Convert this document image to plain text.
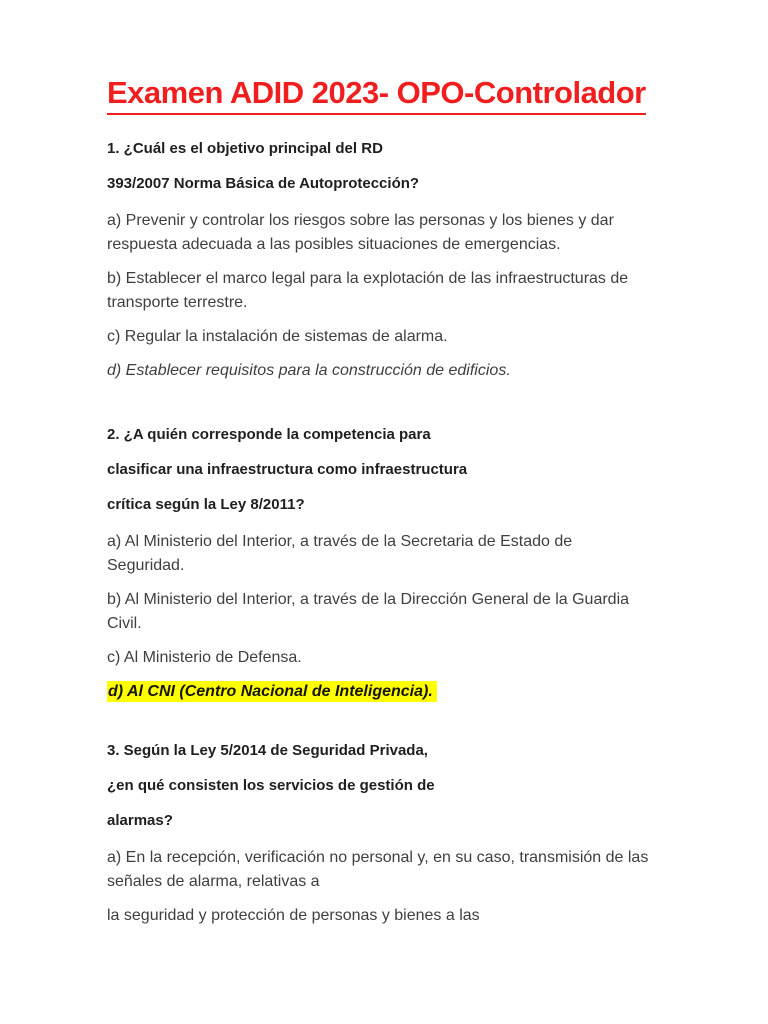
Examen ADID 2023- OPO-Controlador

1. ¿Cuál es el objetivo principal del RD

393/2007 Norma Básica de Autoprotección?

a) Prevenir y controlar los riesgos sobre las personas y los bienes y dar
respuesta adecuada a las posibles situaciones de emergencias.

b) Establecer el marco legal para la explotación de las infraestructuras de
transporte terrestre.

c) Regular la instalación de sistemas de alarma.

d) Establecer requisitos para la construcción de edificios.

2. ¿A quién corresponde la competencia para

clasificar una infraestructura como infraestructura

crítica según la Ley 8/2011?

a) Al Ministerio del Interior, a través de la Secretaria de Estado de
Seguridad.

b) Al Ministerio del Interior, a través de la Dirección General de la Guardia
Civil.

c) Al Ministerio de Defensa.

d) Al CNI (Centro Nacional de Inteligencia).

3. Según la Ley 5/2014 de Seguridad Privada,

¿en qué consisten los servicios de gestión de

alarmas?

a) En la recepción, verificación no personal y, en su caso, transmisión de las
señales de alarma, relativas a

la seguridad y protección de personas y bienes a las
